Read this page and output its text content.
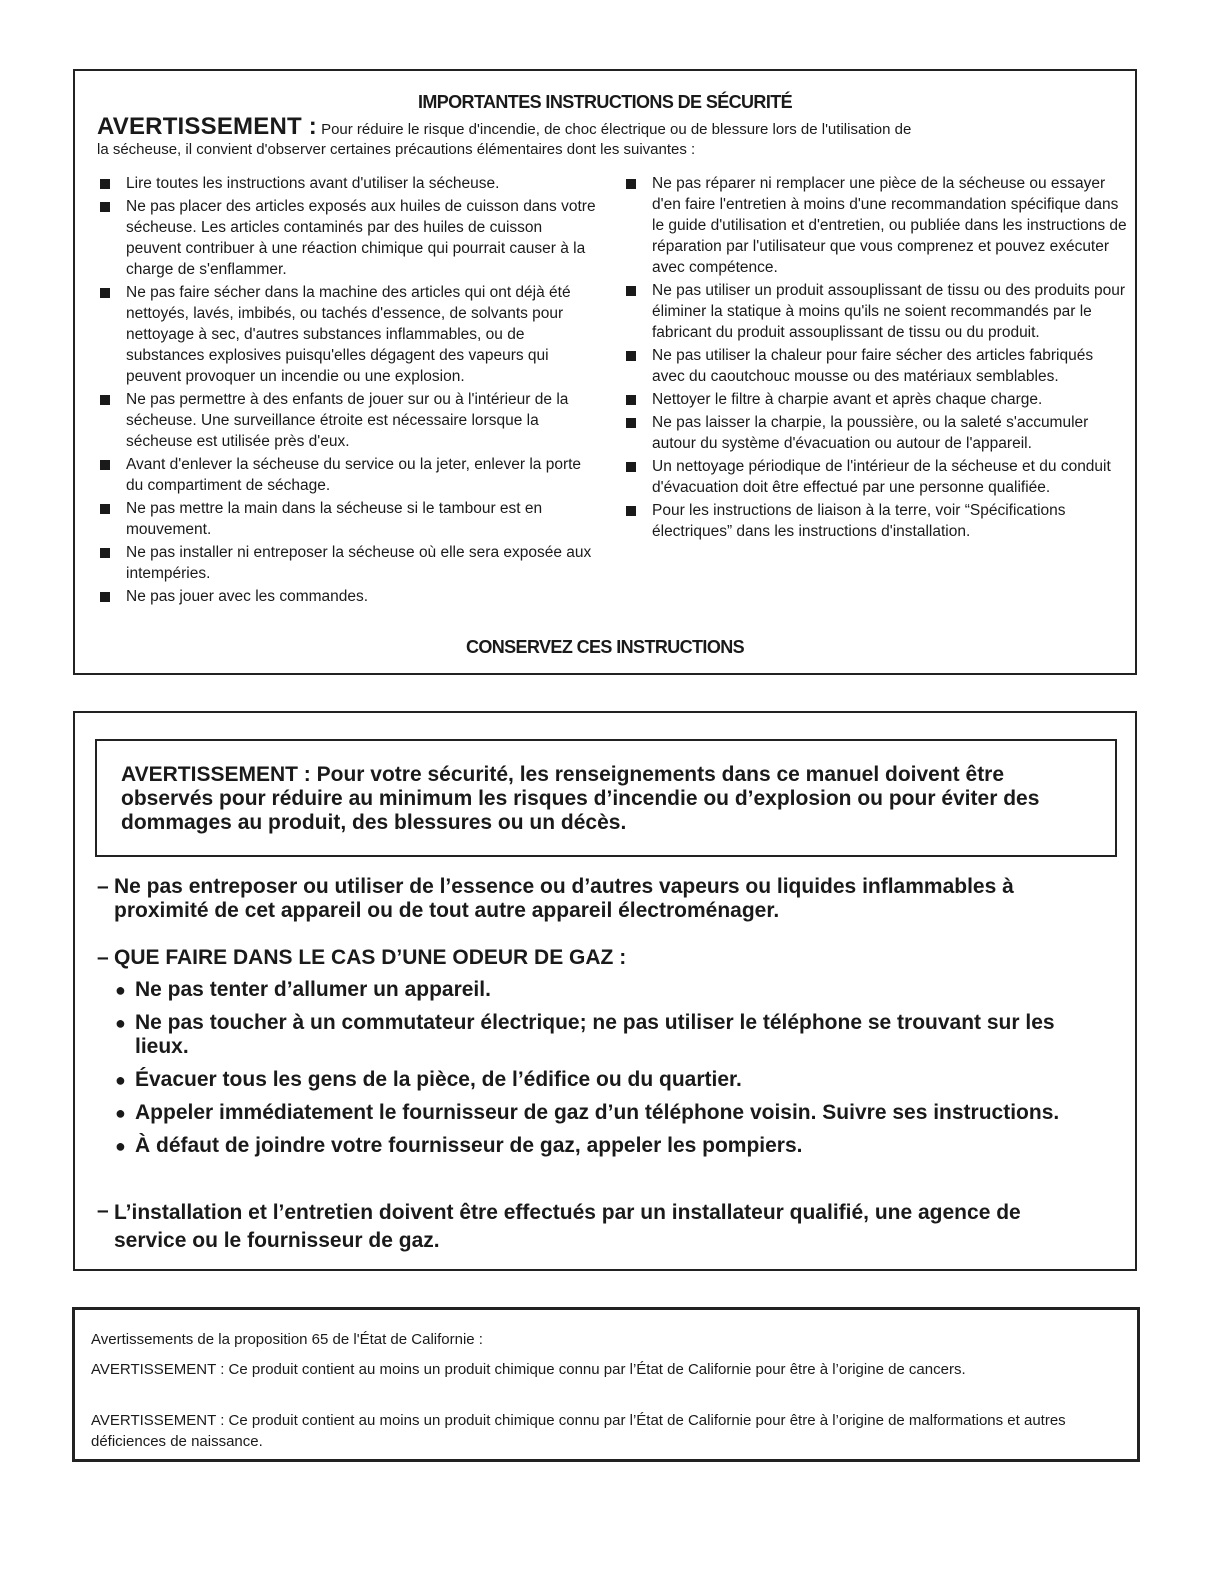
IMPORTANTES INSTRUCTIONS DE SÉCURITÉ
AVERTISSEMENT : Pour réduire le risque d'incendie, de choc électrique ou de blessure lors de l'utilisation de
la sécheuse, il convient d'observer certaines précautions élémentaires dont les suivantes :
Lire toutes les instructions avant d'utiliser la sécheuse.
Ne pas placer des articles exposés aux huiles de cuisson dans votre sécheuse. Les articles contaminés par des huiles de cuisson peuvent contribuer à une réaction chimique qui pourrait causer à la charge de s'enflammer.
Ne pas faire sécher dans la machine des articles qui ont déjà été nettoyés, lavés, imbibés, ou tachés d'essence, de solvants pour nettoyage à sec, d'autres substances inflammables, ou de substances explosives puisqu'elles dégagent des vapeurs qui peuvent provoquer un incendie ou une explosion.
Ne pas permettre à des enfants de jouer sur ou à l'intérieur de la sécheuse. Une surveillance étroite est nécessaire lorsque la sécheuse est utilisée près d'eux.
Avant d'enlever la sécheuse du service ou la jeter, enlever la porte du compartiment de séchage.
Ne pas mettre la main dans la sécheuse si le tambour est en mouvement.
Ne pas installer ni entreposer la sécheuse où elle sera exposée aux intempéries.
Ne pas jouer avec les commandes.
Ne pas réparer ni remplacer une pièce de la sécheuse ou essayer d'en faire l'entretien à moins d'une recommandation spécifique dans le guide d'utilisation et d'entretien, ou publiée dans les instructions de réparation par l'utilisateur que vous comprenez et pouvez exécuter avec compétence.
Ne pas utiliser un produit assouplissant de tissu ou des produits pour éliminer la statique à moins qu'ils ne soient recommandés par le fabricant du produit assouplissant de tissu ou du produit.
Ne pas utiliser la chaleur pour faire sécher des articles fabriqués avec du caoutchouc mousse ou des matériaux semblables.
Nettoyer le filtre à charpie avant et après chaque charge.
Ne pas laisser la charpie, la poussière, ou la saleté s'accumuler autour du système d'évacuation ou autour de l'appareil.
Un nettoyage périodique de l'intérieur de la sécheuse et du conduit d'évacuation doit être effectué par une personne qualifiée.
Pour les instructions de liaison à la terre, voir “Spécifications électriques” dans les instructions d'installation.
CONSERVEZ CES INSTRUCTIONS
AVERTISSEMENT : Pour votre sécurité, les renseignements dans ce manuel doivent être observés pour réduire au minimum les risques d’incendie ou d’explosion ou pour éviter des dommages au produit, des blessures ou un décès.
– Ne pas entreposer ou utiliser de l’essence ou d’autres vapeurs ou liquides inflammables à proximité de cet appareil ou de tout autre appareil électroménager.
– QUE FAIRE DANS LE CAS D’UNE ODEUR DE GAZ :
● Ne pas tenter d’allumer un appareil.
● Ne pas toucher à un commutateur électrique; ne pas utiliser le téléphone se trouvant sur les lieux.
● Évacuer tous les gens de la pièce, de l’édifice ou du quartier.
● Appeler immédiatement le fournisseur de gaz d’un téléphone voisin. Suivre ses instructions.
● À défaut de joindre votre fournisseur de gaz, appeler les pompiers.
– L’installation et l’entretien doivent être effectués par un installateur qualifié, une agence de service ou le fournisseur de gaz.

Avertissements de la proposition 65 de l'État de Californie :

AVERTISSEMENT : Ce produit contient au moins un produit chimique connu par l’État de Californie pour être à l’origine de cancers.

AVERTISSEMENT : Ce produit contient au moins un produit chimique connu par l’État de Californie pour être à l’origine de malformations et autres déficiences de naissance.
